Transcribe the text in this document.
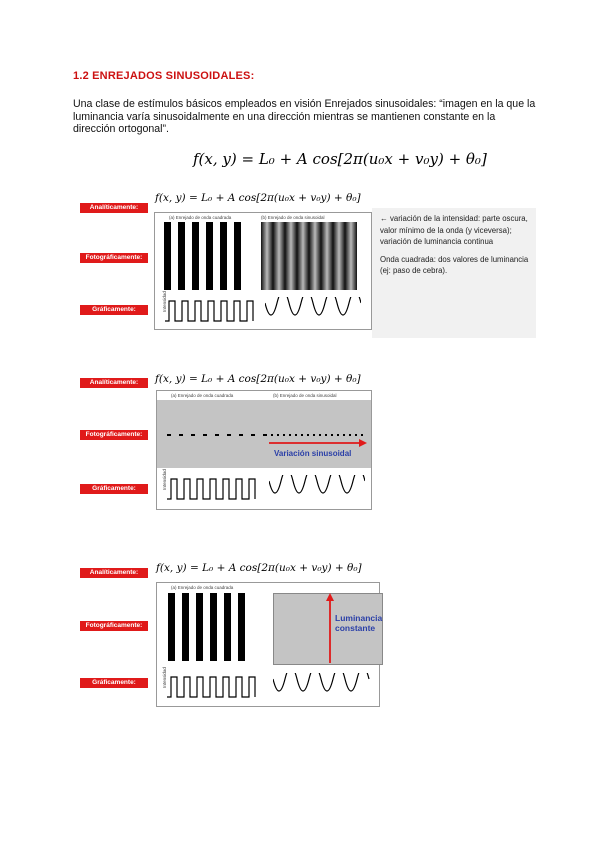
1.2 ENREJADOS SINUSOIDALES:
Una clase de estímulos básicos empleados en visión Enrejados sinusoidales: “imagen en la que la luminancia varía sinusoidalmente en una dirección mientras se mantienen constante en la dirección ortogonal”.
f(x, y) = L₀ + A cos[2π(u₀x + v₀y) + θ₀]
Analíticamente:
Fotográficamente:
Gráficamente:
f(x, y) = L₀ + A cos[2π(u₀x + v₀y) + θ₀]
(a) Enrejado de onda cuadrada	(b) Enrejado de onda sinusoidal
Intensidad

← variación de la intensidad: parte oscura, valor mínimo de la onda (y viceversa); variación de luminancia continua

Onda cuadrada: dos valores de luminancia (ej: paso de cebra).

Analíticamente:
Fotográficamente:
Gráficamente:
f(x, y) = L₀ + A cos[2π(u₀x + v₀y) + θ₀]
(a) Enrejado de onda cuadrada	(b) Enrejado de onda sinusoidal
Variación sinusoidal
Intensidad
Analíticamente:
Fotográficamente:
Gráficamente:
f(x, y) = L₀ + A cos[2π(u₀x + v₀y) + θ₀]
(a) Enrejado de onda cuadrada
Luminancia constante
Intensidad
